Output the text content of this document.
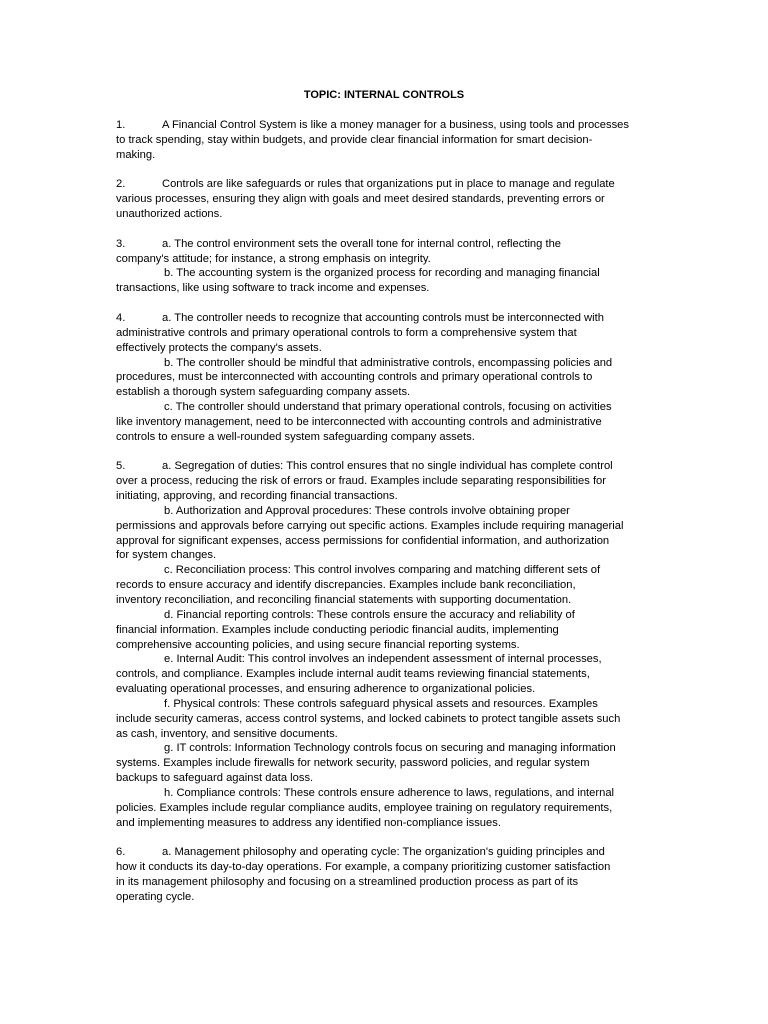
TOPIC: INTERNAL CONTROLS
1.	A Financial Control System is like a money manager for a business, using tools and processes
to track spending, stay within budgets, and provide clear financial information for smart decision-
making.
2.	Controls are like safeguards or rules that organizations put in place to manage and regulate
various processes, ensuring they align with goals and meet desired standards, preventing errors or
unauthorized actions.
3.	a. The control environment sets the overall tone for internal control, reflecting the
company's attitude; for instance, a strong emphasis on integrity.
b. The accounting system is the organized process for recording and managing financial
transactions, like using software to track income and expenses.
4.	a. The controller needs to recognize that accounting controls must be interconnected with
administrative controls and primary operational controls to form a comprehensive system that
effectively protects the company's assets.
b. The controller should be mindful that administrative controls, encompassing policies and
procedures, must be interconnected with accounting controls and primary operational controls to
establish a thorough system safeguarding company assets.
c. The controller should understand that primary operational controls, focusing on activities
like inventory management, need to be interconnected with accounting controls and administrative
controls to ensure a well-rounded system safeguarding company assets.
5.	a. Segregation of duties: This control ensures that no single individual has complete control
over a process, reducing the risk of errors or fraud. Examples include separating responsibilities for
initiating, approving, and recording financial transactions.
b. Authorization and Approval procedures: These controls involve obtaining proper
permissions and approvals before carrying out specific actions. Examples include requiring managerial
approval for significant expenses, access permissions for confidential information, and authorization
for system changes.
c. Reconciliation process: This control involves comparing and matching different sets of
records to ensure accuracy and identify discrepancies. Examples include bank reconciliation,
inventory reconciliation, and reconciling financial statements with supporting documentation.
d. Financial reporting controls: These controls ensure the accuracy and reliability of
financial information. Examples include conducting periodic financial audits, implementing
comprehensive accounting policies, and using secure financial reporting systems.
e. Internal Audit: This control involves an independent assessment of internal processes,
controls, and compliance. Examples include internal audit teams reviewing financial statements,
evaluating operational processes, and ensuring adherence to organizational policies.
f. Physical controls: These controls safeguard physical assets and resources. Examples
include security cameras, access control systems, and locked cabinets to protect tangible assets such
as cash, inventory, and sensitive documents.
g. IT controls: Information Technology controls focus on securing and managing information
systems. Examples include firewalls for network security, password policies, and regular system
backups to safeguard against data loss.
h. Compliance controls: These controls ensure adherence to laws, regulations, and internal
policies. Examples include regular compliance audits, employee training on regulatory requirements,
and implementing measures to address any identified non-compliance issues.
6.	a. Management philosophy and operating cycle: The organization's guiding principles and
how it conducts its day-to-day operations. For example, a company prioritizing customer satisfaction
in its management philosophy and focusing on a streamlined production process as part of its
operating cycle.
